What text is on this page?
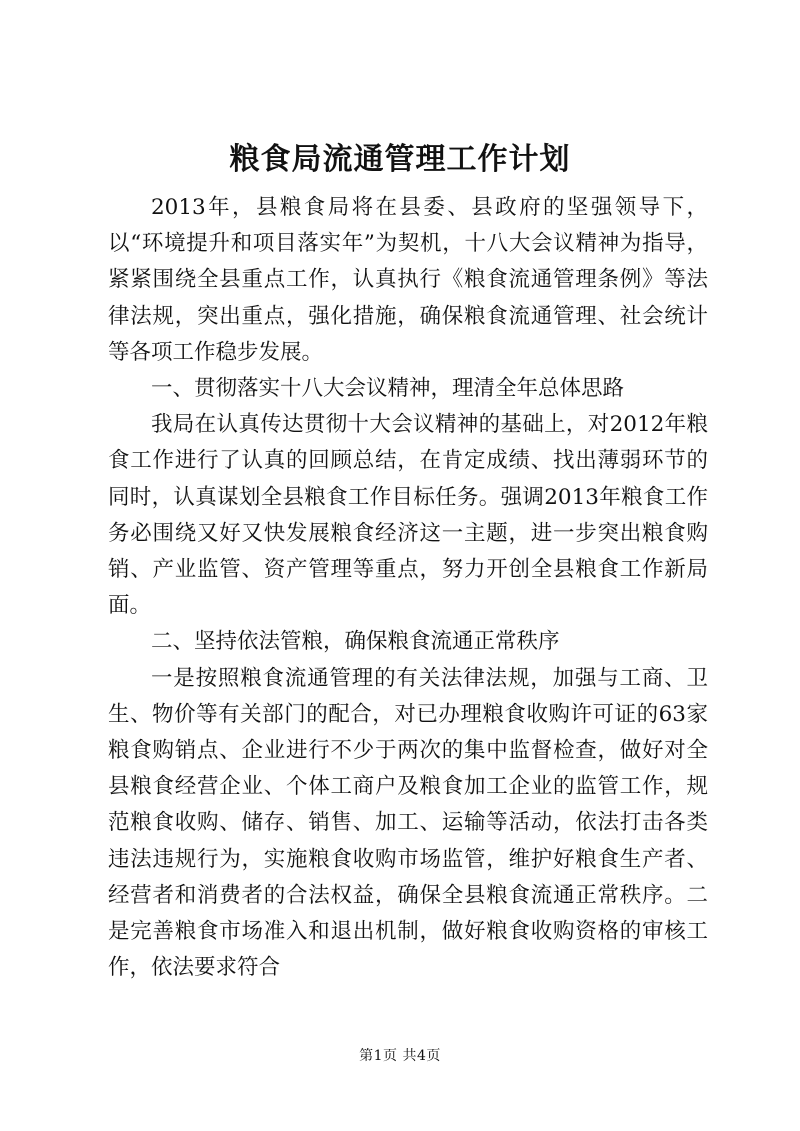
粮食局流通管理工作计划

2013年，县粮食局将在县委、县政府的坚强领导下，以“环境提升和项目落实年”为契机，十八大会议精神为指导，紧紧围绕全县重点工作，认真执行《粮食流通管理条例》等法律法规，突出重点，强化措施，确保粮食流通管理、社会统计等各项工作稳步发展。

一、贯彻落实十八大会议精神，理清全年总体思路

我局在认真传达贯彻十大会议精神的基础上，对2012年粮食工作进行了认真的回顾总结，在肯定成绩、找出薄弱环节的同时，认真谋划全县粮食工作目标任务。强调2013年粮食工作务必围绕又好又快发展粮食经济这一主题，进一步突出粮食购销、产业监管、资产管理等重点，努力开创全县粮食工作新局面。

二、坚持依法管粮，确保粮食流通正常秩序

一是按照粮食流通管理的有关法律法规，加强与工商、卫生、物价等有关部门的配合，对已办理粮食收购许可证的63家粮食购销点、企业进行不少于两次的集中监督检查，做好对全县粮食经营企业、个体工商户及粮食加工企业的监管工作，规范粮食收购、储存、销售、加工、运输等活动，依法打击各类违法违规行为，实施粮食收购市场监管，维护好粮食生产者、经营者和消费者的合法权益，确保全县粮食流通正常秩序。二是完善粮食市场准入和退出机制，做好粮食收购资格的审核工作，依法要求符合

第1页 共4页
